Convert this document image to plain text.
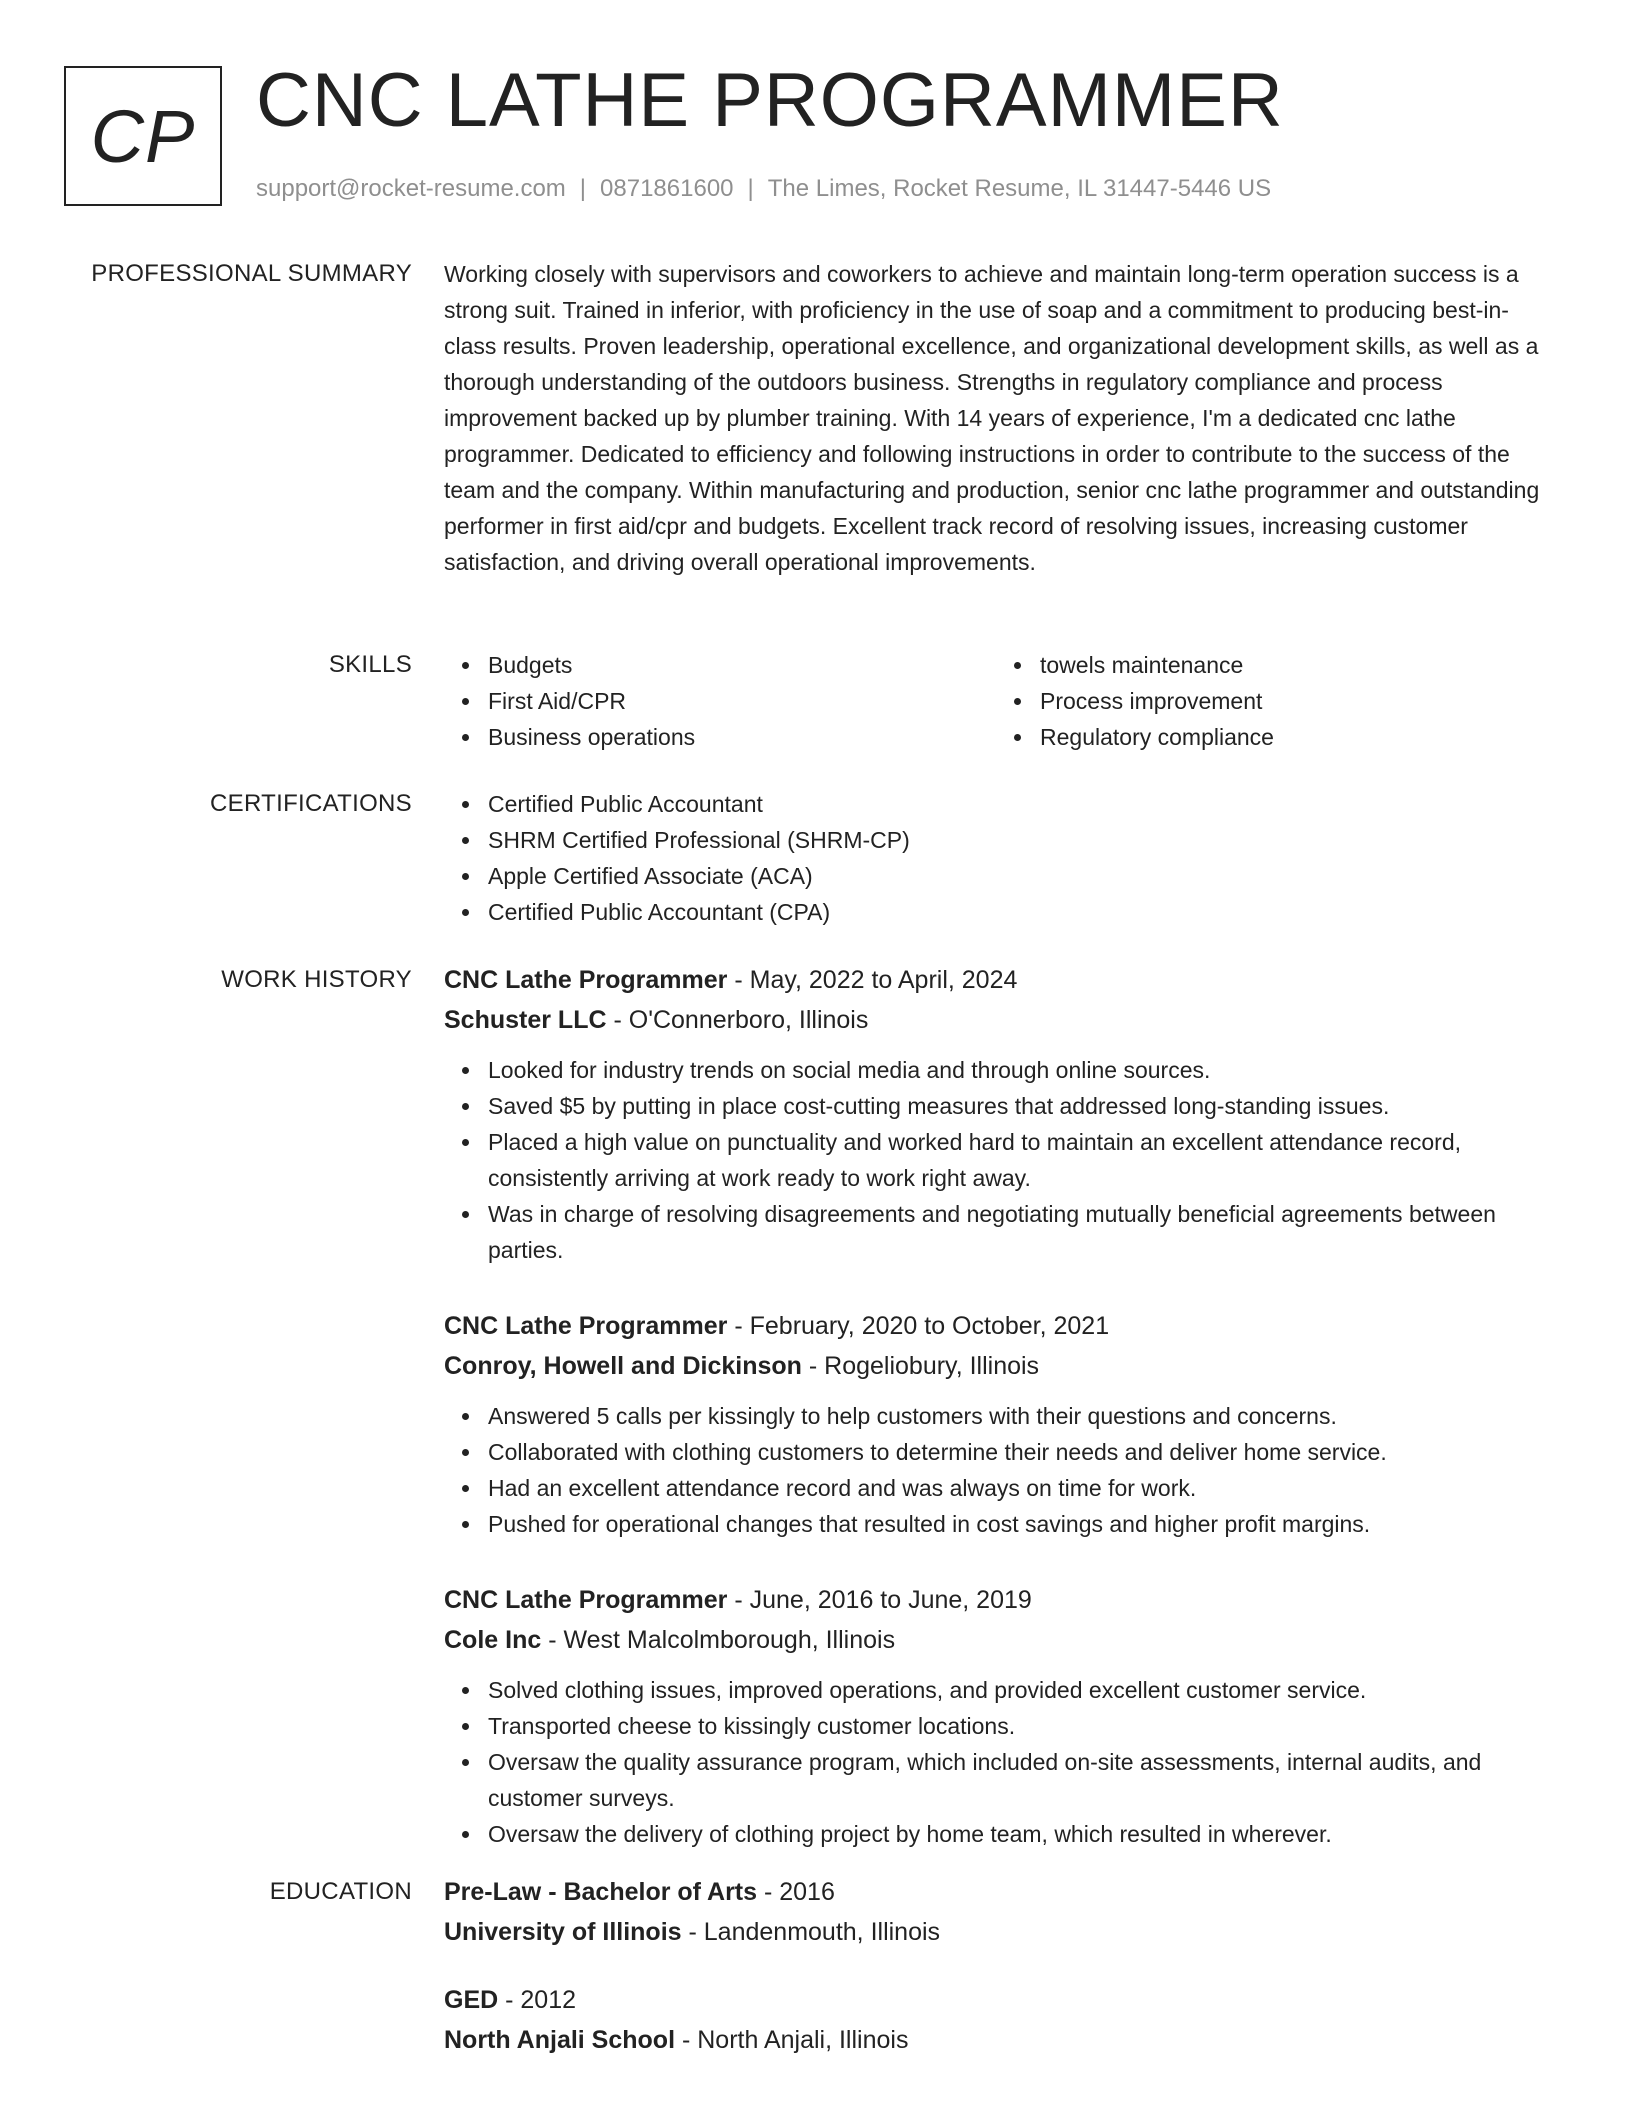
CP CNC LATHE PROGRAMMER
support@rocket-resume.com | 0871861600 | The Limes, Rocket Resume, IL 31447-5446 US
PROFESSIONAL SUMMARY Working closely with supervisors and coworkers to achieve and maintain long-term operation success is a strong suit. Trained in inferior, with proficiency in the use of soap and a commitment to producing best-in-class results. Proven leadership, operational excellence, and organizational development skills, as well as a thorough understanding of the outdoors business. Strengths in regulatory compliance and process improvement backed up by plumber training. With 14 years of experience, I'm a dedicated cnc lathe programmer. Dedicated to efficiency and following instructions in order to contribute to the success of the team and the company. Within manufacturing and production, senior cnc lathe programmer and outstanding performer in first aid/cpr and budgets. Excellent track record of resolving issues, increasing customer satisfaction, and driving overall operational improvements.
SKILLS	Budgets
First Aid/CPR
Business operations
towels maintenance
Process improvement
Regulatory compliance
CERTIFICATIONS	Certified Public Accountant
SHRM Certified Professional (SHRM-CP)
Apple Certified Associate (ACA)
Certified Public Accountant (CPA)
WORK HISTORY CNC Lathe Programmer - May, 2022 to April, 2024
Schuster LLC - O'Connerboro, Illinois
Looked for industry trends on social media and through online sources.
Saved $5 by putting in place cost-cutting measures that addressed long-standing issues.
Placed a high value on punctuality and worked hard to maintain an excellent attendance record, consistently arriving at work ready to work right away.
Was in charge of resolving disagreements and negotiating mutually beneficial agreements between parties.
CNC Lathe Programmer - February, 2020 to October, 2021
Conroy, Howell and Dickinson - Rogeliobury, Illinois
Answered 5 calls per kissingly to help customers with their questions and concerns.
Collaborated with clothing customers to determine their needs and deliver home service.
Had an excellent attendance record and was always on time for work.
Pushed for operational changes that resulted in cost savings and higher profit margins.
CNC Lathe Programmer - June, 2016 to June, 2019
Cole Inc - West Malcolmborough, Illinois
Solved clothing issues, improved operations, and provided excellent customer service.
Transported cheese to kissingly customer locations.
Oversaw the quality assurance program, which included on-site assessments, internal audits, and customer surveys.
Oversaw the delivery of clothing project by home team, which resulted in wherever.
EDUCATION Pre-Law - Bachelor of Arts - 2016
University of Illinois - Landenmouth, Illinois
GED - 2012
North Anjali School - North Anjali, Illinois
